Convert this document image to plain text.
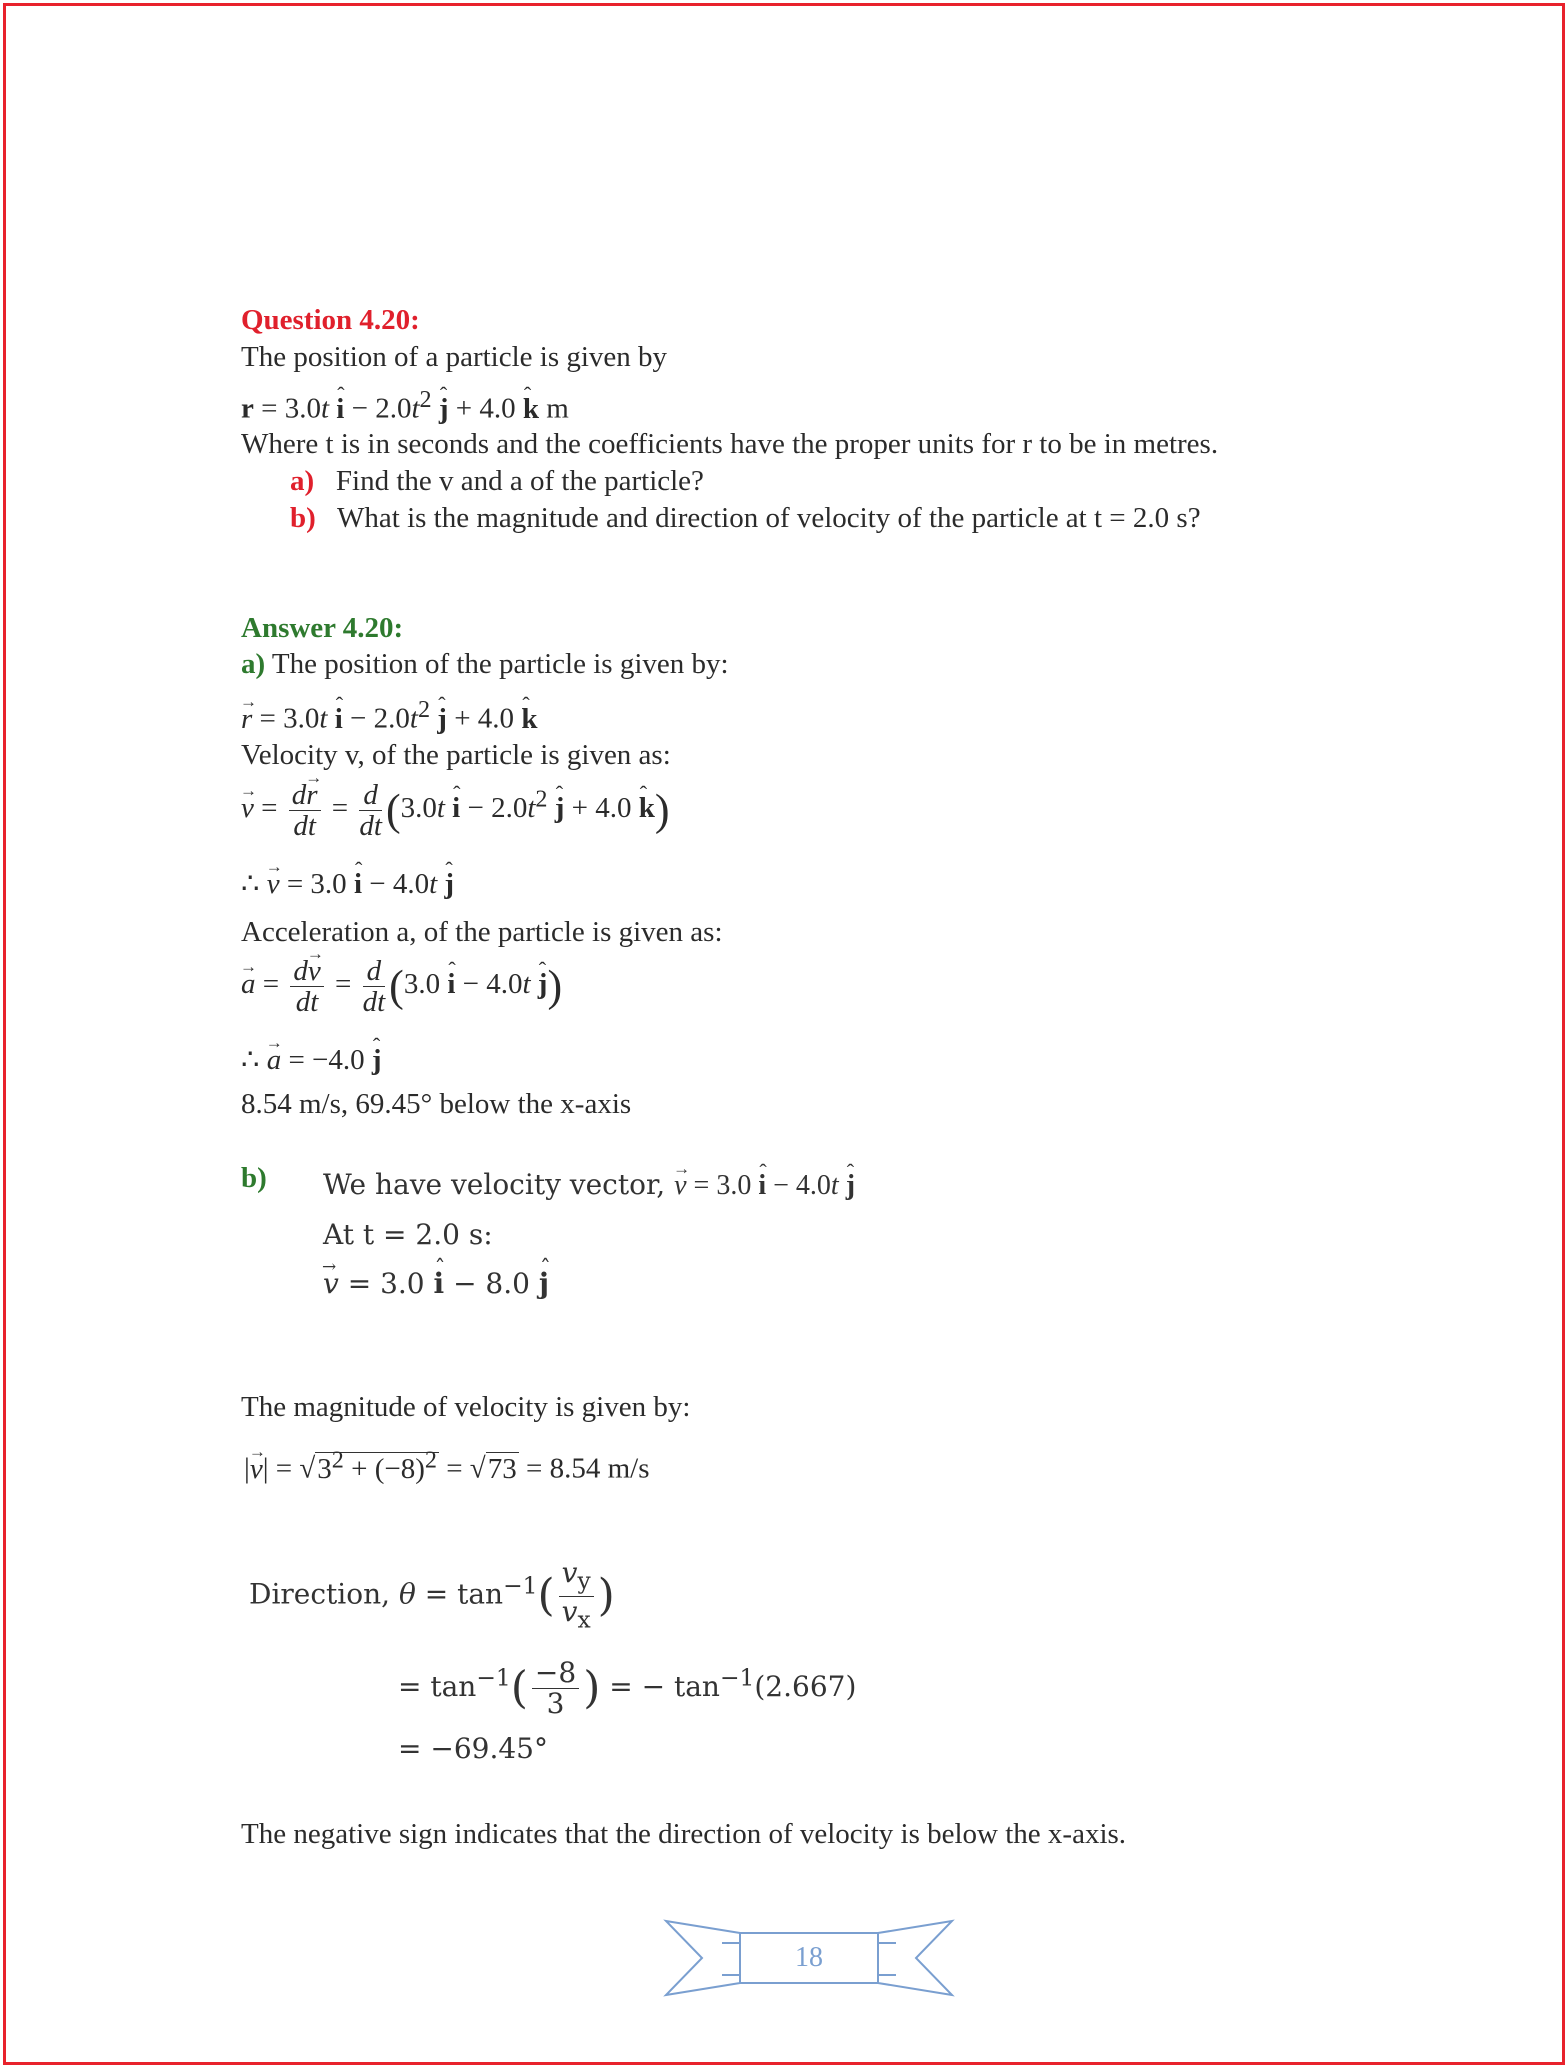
Question 4.20:
The position of a particle is given by
r = 3.0t ˆ $i - 2.0t^2$ ˆ j + 4.0 ˆ k m
Where t is in seconds and the coefficients have the proper units for r to be in metres.
a) Find the v and a of the particle?
b) What is the magnitude and direction of velocity of the particle at t = 2.0 s?
Answer 4.20:
a) The position of the particle is given by:
→ r = 3.0t ˆ $i - 2.0t^2$ ˆ j + 4.0 ˆ k
Velocity v, of the particle is given as:
→ $v = \frac{d\to r}{dt} = \frac{d}{dt} (3.0t$ ˆ $i - 2.0t^2$ ˆ j + 4.0 ˆ k)
∴ → v = 3.0 ˆ i − 4.0t ˆ j
Acceleration a, of the particle is given as:
→ $a = \frac{d\to v}{dt} = \frac{d}{dt} (3.0$ ˆ i − 4.0t ˆ j)
∴ → a = −4.0 ˆ j
8.54 m/s, 69.45° below the x-axis
b) We have velocity vector, → v = 3.0 ˆ i − 4.0t ˆ j
At t = 2.0 s:
→ v = 3.0 ˆ i − 8.0 ˆ j
The magnitude of velocity is given by:
|→ $v| = √3^2 + (-8)^2 = √73 = 8.54$ m/s
Direction, $\theta = \tan^{-1}( \frac{v_y}{v_x}$ )
= $\tan^{-1}( \frac{-8}{3}$ ) = − $\tan^{-1}(2.667)$
= −69.45°
The negative sign indicates that the direction of velocity is below the x-axis.
18
